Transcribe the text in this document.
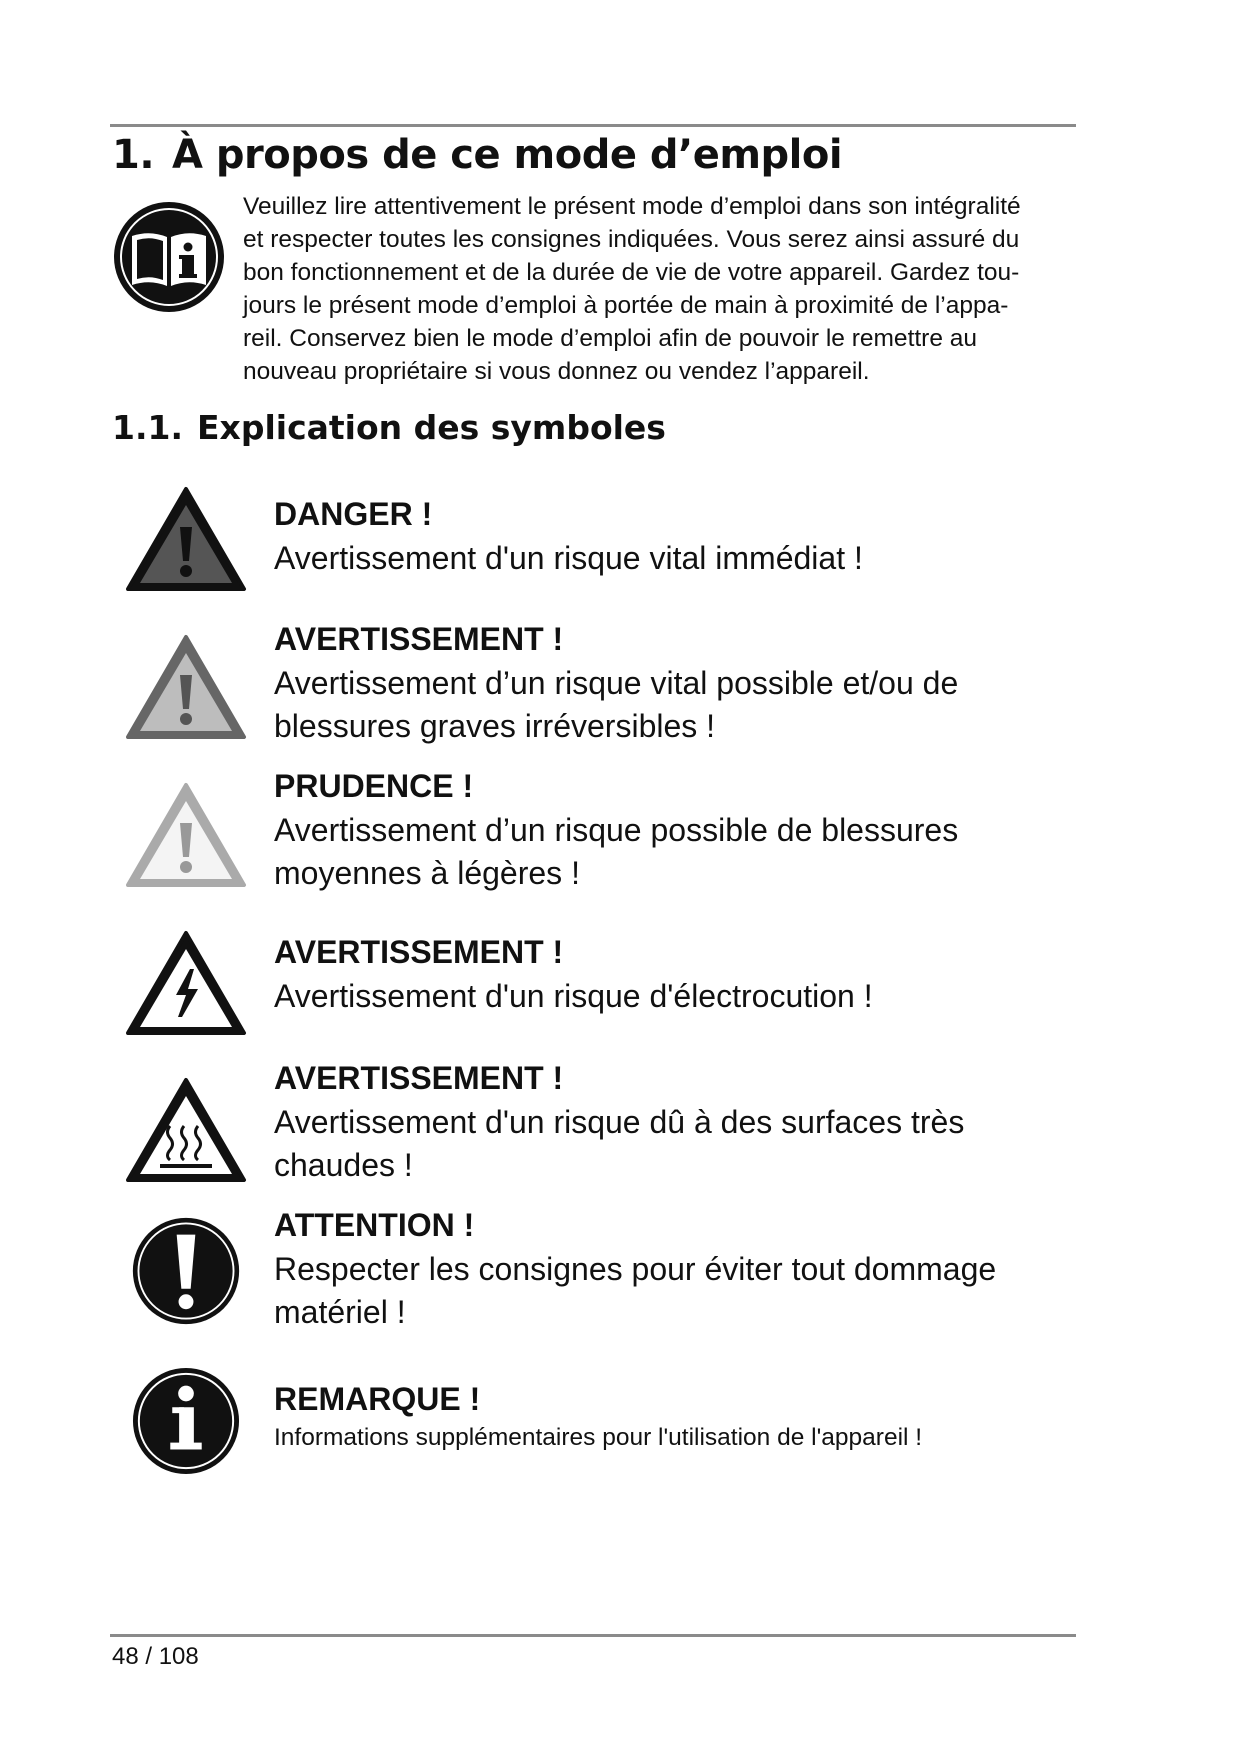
1. À propos de ce mode d’emploi

Veuillez lire attentivement le présent mode d’emploi dans son intégralité
et respecter toutes les consignes indiquées. Vous serez ainsi assuré du
bon fonctionnement et de la durée de vie de votre appareil. Gardez tou-
jours le présent mode d’emploi à portée de main à proximité de l’appa-
reil. Conservez bien le mode d’emploi afin de pouvoir le remettre au
nouveau propriétaire si vous donnez ou vendez l’appareil.

1.1. Explication des symboles
DANGER !
Avertissement d'un risque vital immédiat !
AVERTISSEMENT !
Avertissement d’un risque vital possible et/ou de
blessures graves irréversibles !
PRUDENCE !
Avertissement d’un risque possible de blessures
moyennes à légères !
AVERTISSEMENT !
Avertissement d'un risque d'électrocution !
AVERTISSEMENT !
Avertissement d'un risque dû à des surfaces très
chaudes !
ATTENTION !
Respecter les consignes pour éviter tout dommage
matériel !
REMARQUE !
Informations supplémentaires pour l'utilisation de l'appareil !
48 / 108
